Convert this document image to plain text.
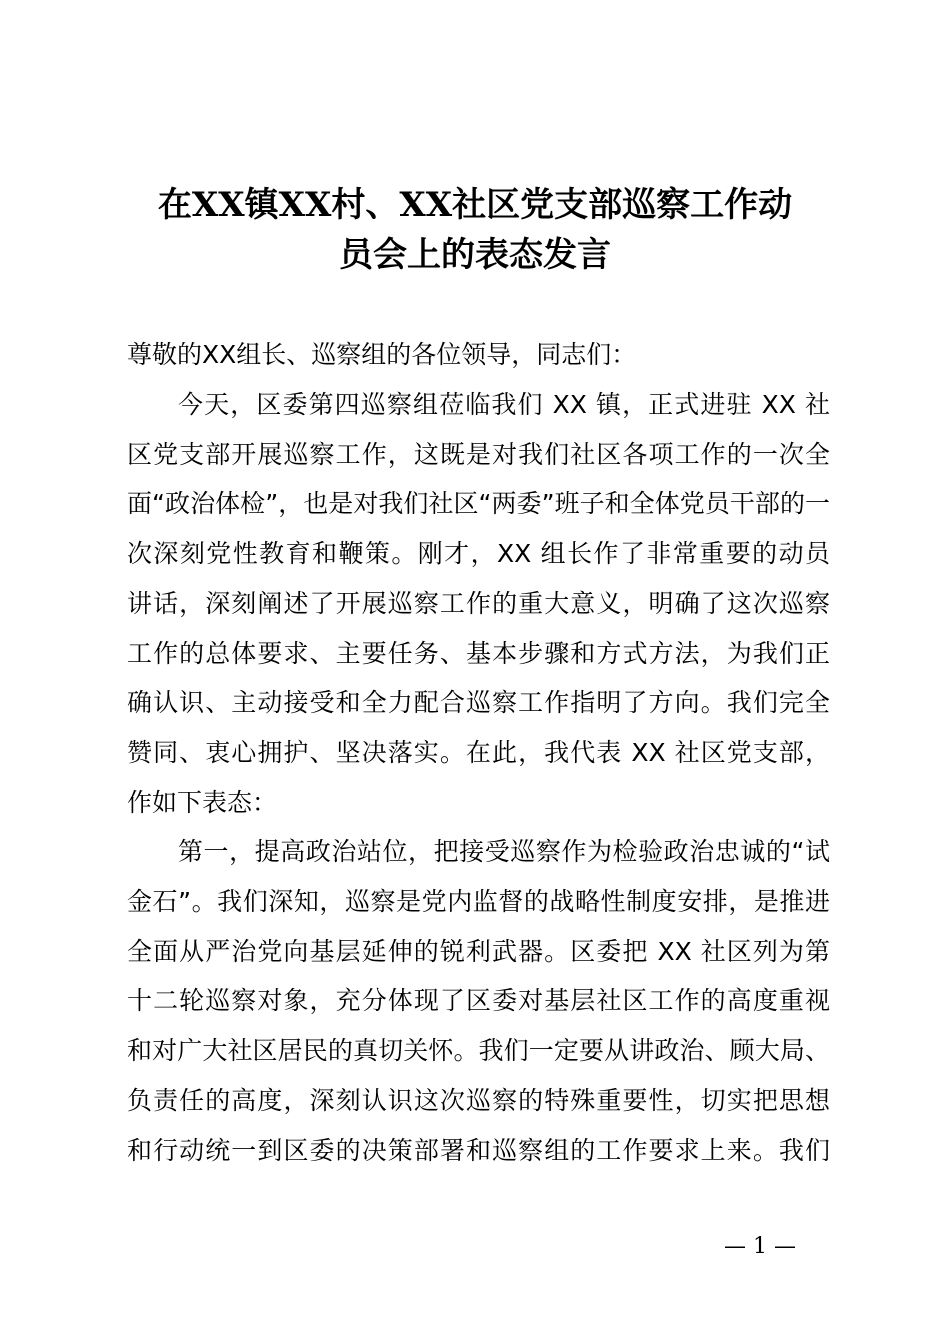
在XX镇XX村、XX社区党支部巡察工作动
员会上的表态发言
尊敬的XX组长、巡察组的各位领导，同志们：
今天，区委第四巡察组莅临我们 XX 镇，正式进驻 XX 社
区党支部开展巡察工作，这既是对我们社区各项工作的一次全
面“政治体检”，也是对我们社区“两委”班子和全体党员干部的一
次深刻党性教育和鞭策。刚才，XX 组长作了非常重要的动员
讲话，深刻阐述了开展巡察工作的重大意义，明确了这次巡察
工作的总体要求、主要任务、基本步骤和方式方法，为我们正
确认识、主动接受和全力配合巡察工作指明了方向。我们完全
赞同、衷心拥护、坚决落实。在此，我代表 XX 社区党支部，
作如下表态：
第一，提高政治站位，把接受巡察作为检验政治忠诚的“试
金石”。我们深知，巡察是党内监督的战略性制度安排，是推进
全面从严治党向基层延伸的锐利武器。区委把 XX 社区列为第
十二轮巡察对象，充分体现了区委对基层社区工作的高度重视
和对广大社区居民的真切关怀。我们一定要从讲政治、顾大局、
负责任的高度，深刻认识这次巡察的特殊重要性，切实把思想
和行动统一到区委的决策部署和巡察组的工作要求上来。我们
— 1 —
